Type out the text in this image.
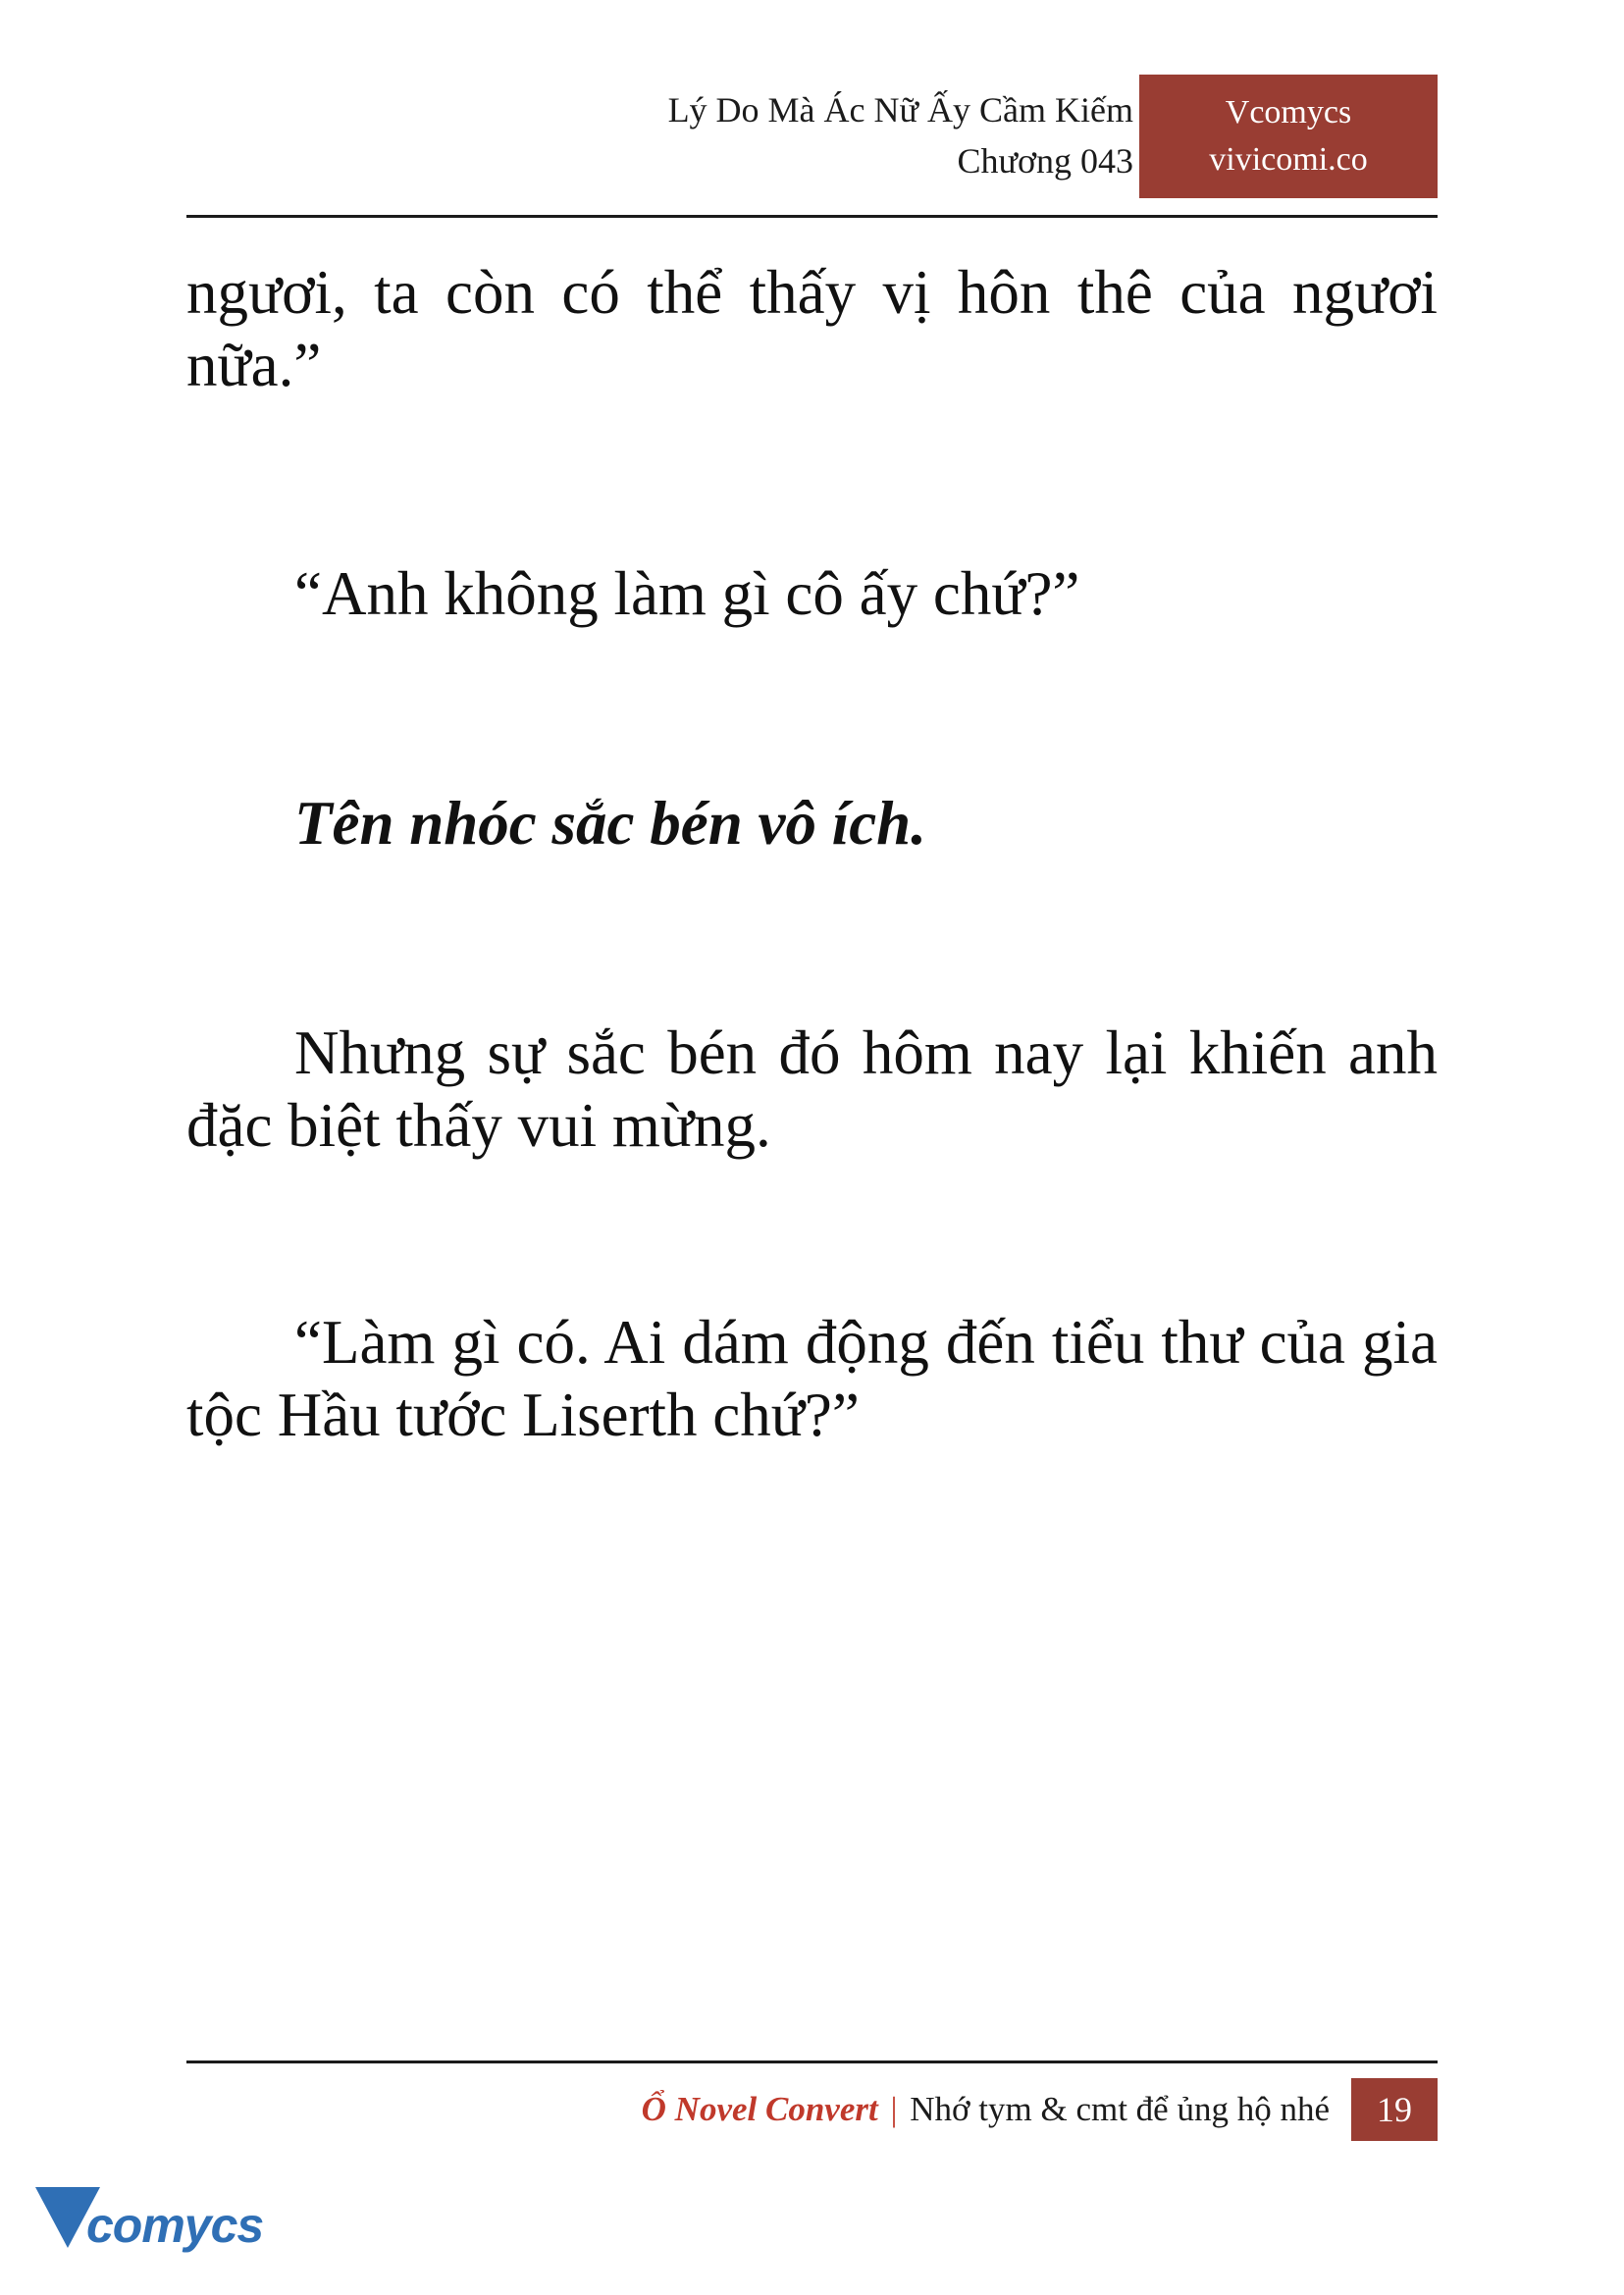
Lý Do Mà Ác Nữ Ấy Cầm Kiếm
Chương 043
Vcomycs
vivicomi.co

ngươi, ta còn có thể thấy vị hôn thê của ngươi nữa.”

“Anh không làm gì cô ấy chứ?”

Tên nhóc sắc bén vô ích.

Nhưng sự sắc bén đó hôm nay lại khiến anh đặc biệt thấy vui mừng.

“Làm gì có. Ai dám động đến tiểu thư của gia tộc Hầu tước Liserth chứ?”

Ổ Novel Convert | Nhớ tym & cmt để ủng hộ nhé	19
comycs
